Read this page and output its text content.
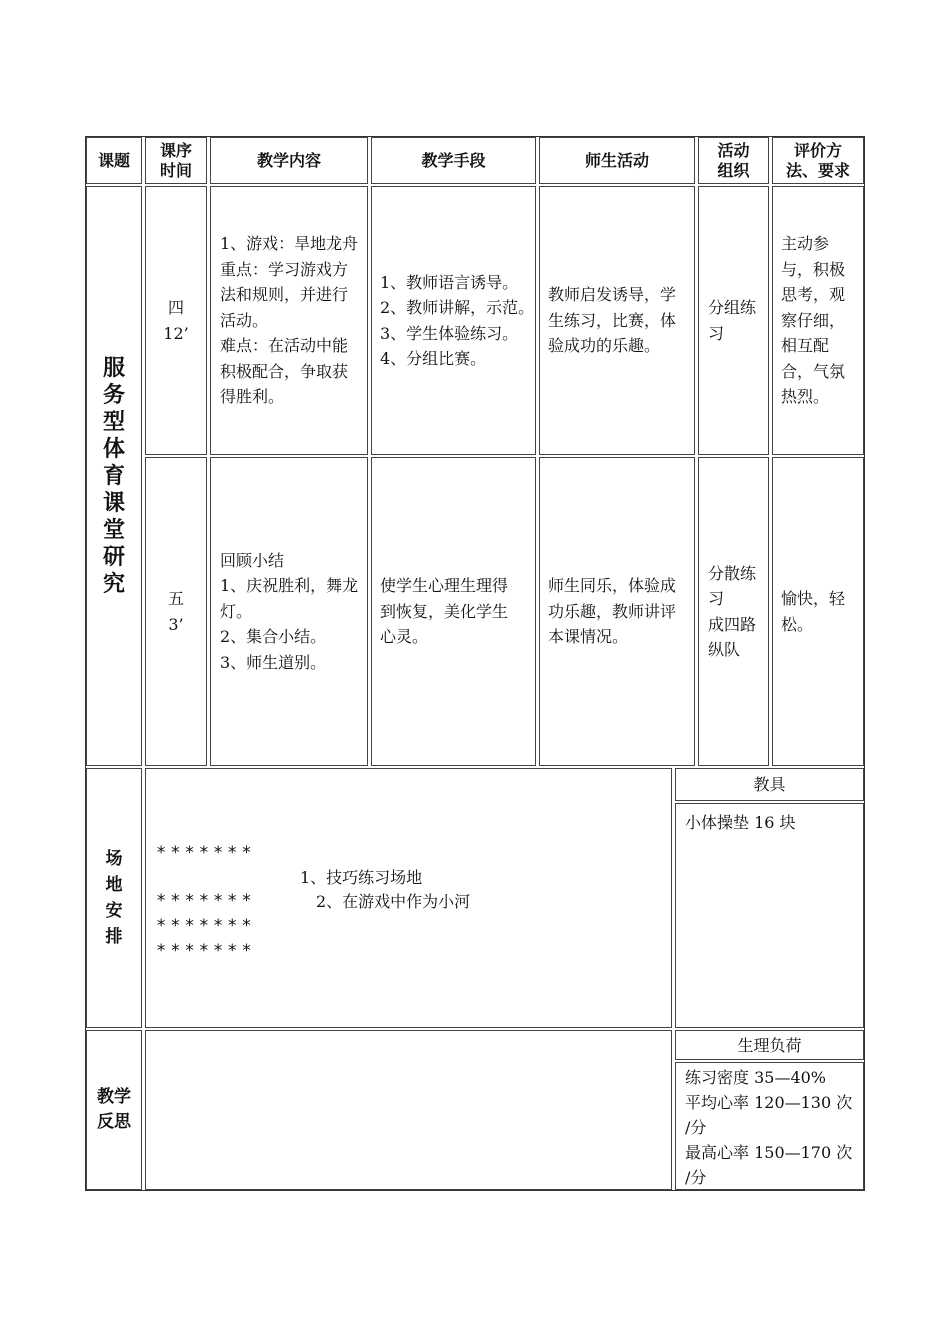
课题
课序
时间
教学内容	教学手段	师生活动
活动
组织
评价方
法、要求
服
务
型
体
育
课
堂
研
究
四
12’
1、游戏：旱地龙舟
重点：学习游戏方
法和规则，并进行
活动。
难点：在活动中能
积极配合，争取获
得胜利。
1、教师语言诱导。
2、教师讲解，示范。
3、学生体验练习。
4、分组比赛。
教师启发诱导，学
生练习，比赛，体
验成功的乐趣。
分组练
习
主动参
与，积极
思考，观
察仔细，
相互配
合，气氛
热烈。
五
3’
回顾小结
1、庆祝胜利，舞龙
灯。
2、集合小结。
3、师生道别。
使学生心理生理得
到恢复，美化学生
心灵。
师生同乐，体验成
功乐趣，教师讲评
本课情况。
分散练
习
成四路
纵队
愉快，轻
松。
场
地
安
排
*******
*******
*******
*******
1、技巧练习场地
2、在游戏中作为小河
教具
小体操垫 16 块
教学
反思
生理负荷
练习密度 35—40%
平均心率 120—130 次
/分
最高心率 150—170 次
/分
